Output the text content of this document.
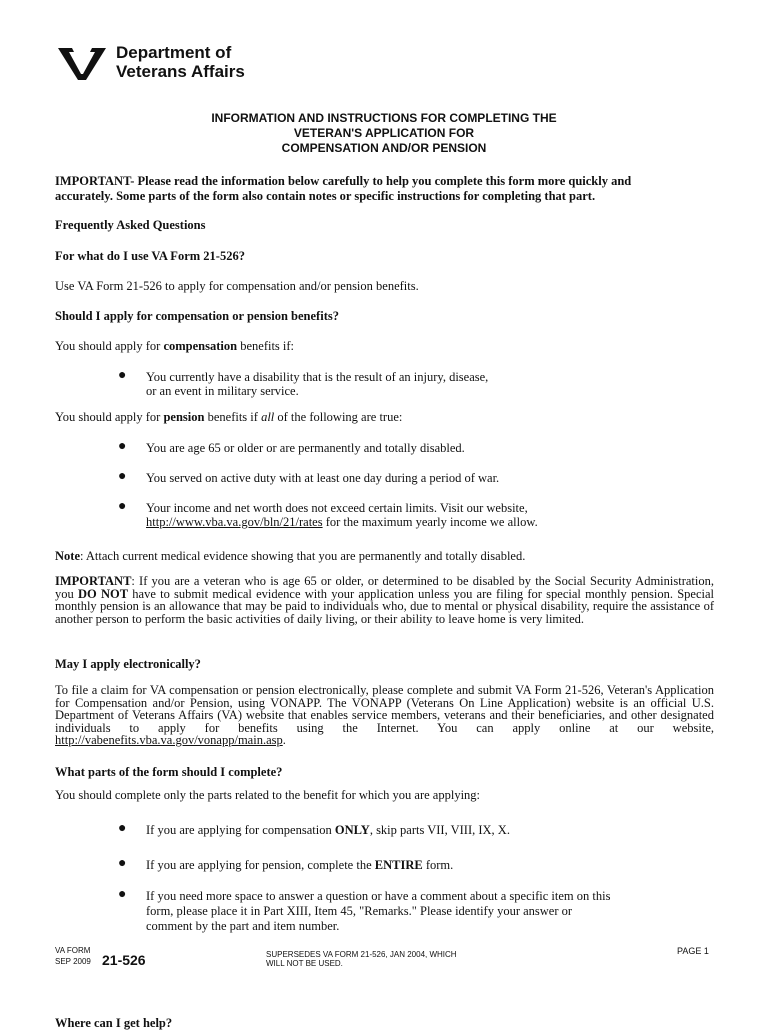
Department of
Veterans Affairs
INFORMATION AND INSTRUCTIONS FOR COMPLETING THE
VETERAN'S APPLICATION FOR
COMPENSATION AND/OR PENSION
IMPORTANT- Please read the information below carefully to help you complete this form more quickly and
accurately. Some parts of the form also contain notes or specific instructions for completing that part.
Frequently Asked Questions
For what do I use VA Form 21-526?
Use VA Form 21-526 to apply for compensation and/or pension benefits.
Should I apply for compensation or pension benefits?
You should apply for compensation benefits if:
● You currently have a disability that is the result of an injury, disease,
or an event in military service.
You should apply for pension benefits if all of the following are true:
● You are age 65 or older or are permanently and totally disabled.
● You served on active duty with at least one day during a period of war.
● Your income and net worth does not exceed certain limits. Visit our website,
http://www.vba.va.gov/bln/21/rates for the maximum yearly income we allow.
Note: Attach current medical evidence showing that you are permanently and totally disabled.
IMPORTANT: If you are a veteran who is age 65 or older, or determined to be disabled by the Social Security Administration, you DO NOT have to submit medical evidence with your application unless you are filing for special monthly pension. Special monthly pension is an allowance that may be paid to individuals who, due to mental or physical disability, require the assistance of another person to perform the basic activities of daily living, or their ability to leave home is very limited.
May I apply electronically?
To file a claim for VA compensation or pension electronically, please complete and submit VA Form 21-526, Veteran's Application for Compensation and/or Pension, using VONAPP. The VONAPP (Veterans On Line Application) website is an official U.S. Department of Veterans Affairs (VA) website that enables service members, veterans and their beneficiaries, and other designated individuals to apply for benefits using the Internet. You can apply online at our website, http://vabenefits.vba.va.gov/vonapp/main.asp.
What parts of the form should I complete?
You should complete only the parts related to the benefit for which you are applying:
● If you are applying for compensation ONLY, skip parts VII, VIII, IX, X.
● If you are applying for pension, complete the ENTIRE form.
● If you need more space to answer a question or have a comment about a specific item on this
form, please place it in Part XIII, Item 45, "Remarks." Please identify your answer or
comment by the part and item number.
VA FORM
SEP 2009 21-526	SUPERSEDES VA FORM 21-526, JAN 2004, WHICH
WILL NOT BE USED.
PAGE 1
Where can I get help?
